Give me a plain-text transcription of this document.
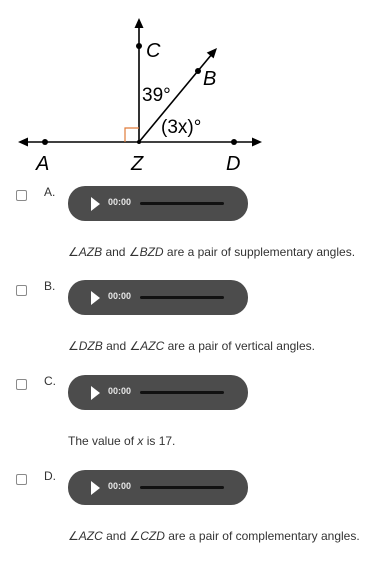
C
B
A	Z	D
39°
(3x)°
A.
00:00
∠AZB and ∠BZD are a pair of supplementary angles.
B.
00:00
∠DZB and ∠AZC are a pair of vertical angles.
C.
00:00
The value of x is 17.
D.
00:00
∠AZC and ∠CZD are a pair of complementary angles.
